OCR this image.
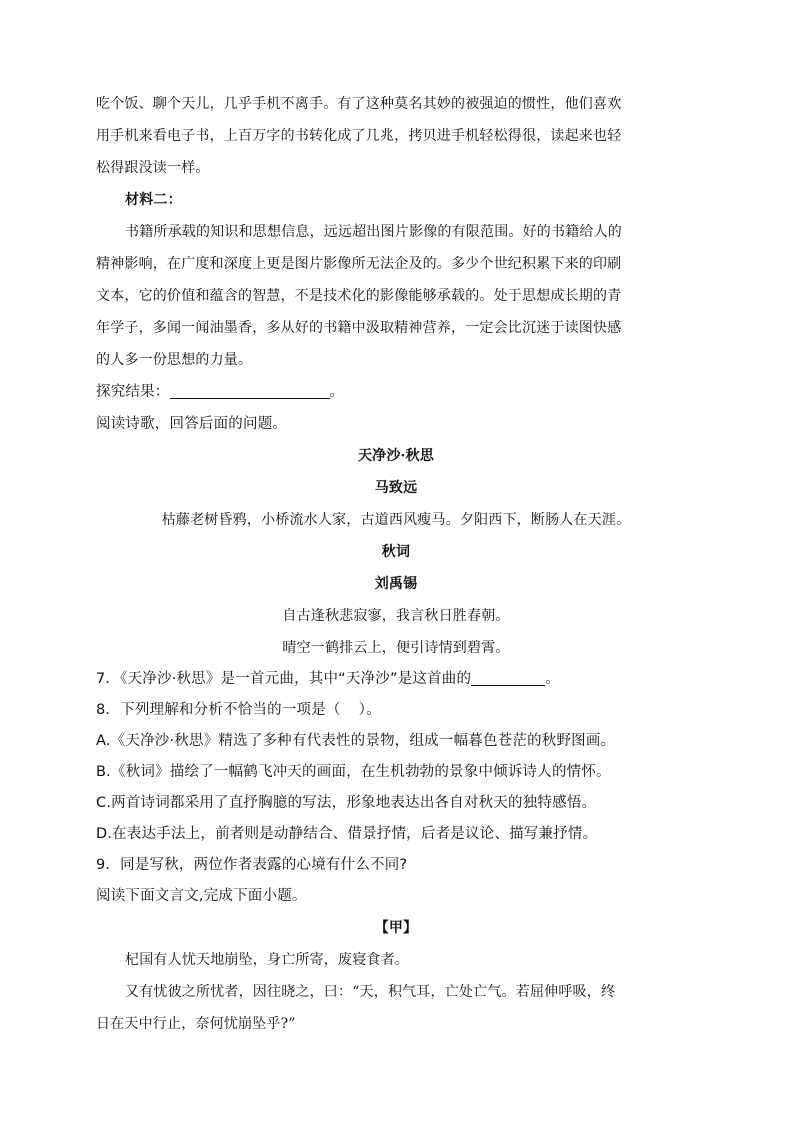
吃个饭、聊个天儿，几乎手机不离手。有了这种莫名其妙的被强迫的惯性，他们喜欢
用手机来看电子书，上百万字的书转化成了几兆，拷贝进手机轻松得很，读起来也轻
松得跟没读一样。
材料二：
书籍所承载的知识和思想信息，远远超出图片影像的有限范围。好的书籍给人的
精神影响，在广度和深度上更是图片影像所无法企及的。多少个世纪积累下来的印刷
文本，它的价值和蕴含的智慧，不是技术化的影像能够承载的。处于思想成长期的青
年学子，多闻一闻油墨香，多从好的书籍中汲取精神营养，一定会比沉迷于读图快感
的人多一份思想的力量。
探究结果：	。
阅读诗歌，回答后面的问题。
天净沙·秋思
马致远
枯藤老树昏鸦，小桥流水人家，古道西风瘦马。夕阳西下，断肠人在天涯。
秋词
刘禹锡
自古逢秋悲寂寥，我言秋日胜春朝。
晴空一鹤排云上，便引诗情到碧霄。
7．《天净沙·秋思》是一首元曲，其中“天净沙”是这首曲的	。
8．下列理解和分析不恰当的一项是（ ）。
A.《天净沙·秋思》精选了多种有代表性的景物，组成一幅暮色苍茫的秋野图画。
B.《秋词》描绘了一幅鹤飞冲天的画面，在生机勃勃的景象中倾诉诗人的情怀。
C.两首诗词都采用了直抒胸臆的写法，形象地表达出各自对秋天的独特感悟。
D.在表达手法上，前者则是动静结合、借景抒情，后者是议论、描写兼抒情。
9．同是写秋，两位作者表露的心境有什么不同?
阅读下面文言文,完成下面小题。
【甲】
杞国有人忧天地崩坠，身亡所寄，废寝食者。
又有忧彼之所忧者，因往晓之，曰：“天，积气耳，亡处亡气。若屈伸呼吸，终
日在天中行止，奈何忧崩坠乎?”
